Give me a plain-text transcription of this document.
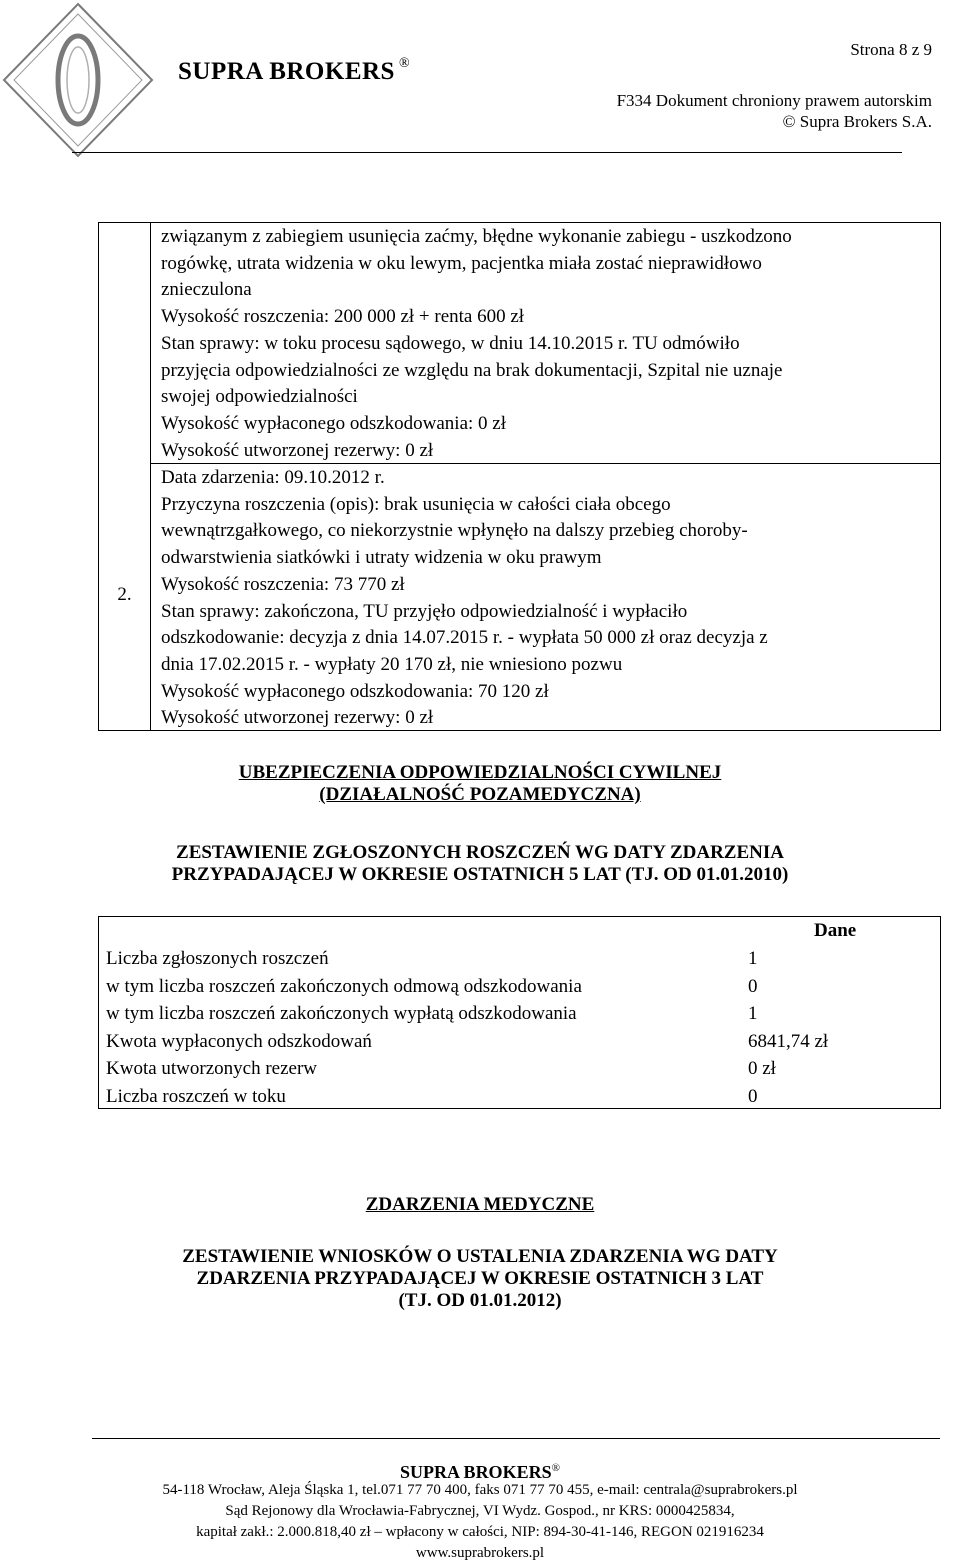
SUPRA BROKERS ®
Strona 8 z 9
F334 Dokument chroniony prawem autorskim
© Supra Brokers S.A.
2.
związanym z zabiegiem usunięcia zaćmy, błędne wykonanie zabiegu - uszkodzono
rogówkę, utrata widzenia w oku lewym, pacjentka miała zostać nieprawidłowo
znieczulona
Wysokość roszczenia: 200 000 zł + renta 600 zł
Stan sprawy: w toku procesu sądowego, w dniu 14.10.2015 r. TU odmówiło
przyjęcia odpowiedzialności ze względu na brak dokumentacji, Szpital nie uznaje
swojej odpowiedzialności
Wysokość wypłaconego odszkodowania: 0 zł
Wysokość utworzonej rezerwy: 0 zł
Data zdarzenia: 09.10.2012 r.
Przyczyna roszczenia (opis): brak usunięcia w całości ciała obcego
wewnątrzgałkowego, co niekorzystnie wpłynęło na dalszy przebieg choroby-
odwarstwienia siatkówki i utraty widzenia w oku prawym
Wysokość roszczenia: 73 770 zł
Stan sprawy: zakończona, TU przyjęło odpowiedzialność i wypłaciło
odszkodowanie: decyzja z dnia 14.07.2015 r. - wypłata 50 000 zł oraz decyzja z
dnia 17.02.2015 r. - wypłaty 20 170 zł, nie wniesiono pozwu
Wysokość wypłaconego odszkodowania: 70 120 zł
Wysokość utworzonej rezerwy: 0 zł
UBEZPIECZENIA ODPOWIEDZIALNOŚCI CYWILNEJ
(DZIAŁALNOŚĆ POZAMEDYCZNA)
ZESTAWIENIE ZGŁOSZONYCH ROSZCZEŃ WG DATY ZDARZENIA
PRZYPADAJĄCEJ W OKRESIE OSTATNICH 5 LAT (TJ. OD 01.01.2010)
Dane
Liczba zgłoszonych roszczeń	1
w tym liczba roszczeń zakończonych odmową odszkodowania	0
w tym liczba roszczeń zakończonych wypłatą odszkodowania	1
Kwota wypłaconych odszkodowań	6841,74 zł
Kwota utworzonych rezerw	0 zł
Liczba roszczeń w toku	0
ZDARZENIA MEDYCZNE
ZESTAWIENIE WNIOSKÓW O USTALENIA ZDARZENIA WG DATY
ZDARZENIA PRZYPADAJĄCEJ W OKRESIE OSTATNICH 3 LAT
(TJ. OD 01.01.2012)
SUPRA BROKERS®
54-118 Wrocław, Aleja Śląska 1, tel.071 77 70 400, faks 071 77 70 455, e-mail: centrala@suprabrokers.pl
Sąd Rejonowy dla Wrocławia-Fabrycznej, VI Wydz. Gospod., nr KRS: 0000425834,
kapitał zakł.: 2.000.818,40 zł – wpłacony w całości, NIP: 894-30-41-146, REGON 021916234
www.suprabrokers.pl
